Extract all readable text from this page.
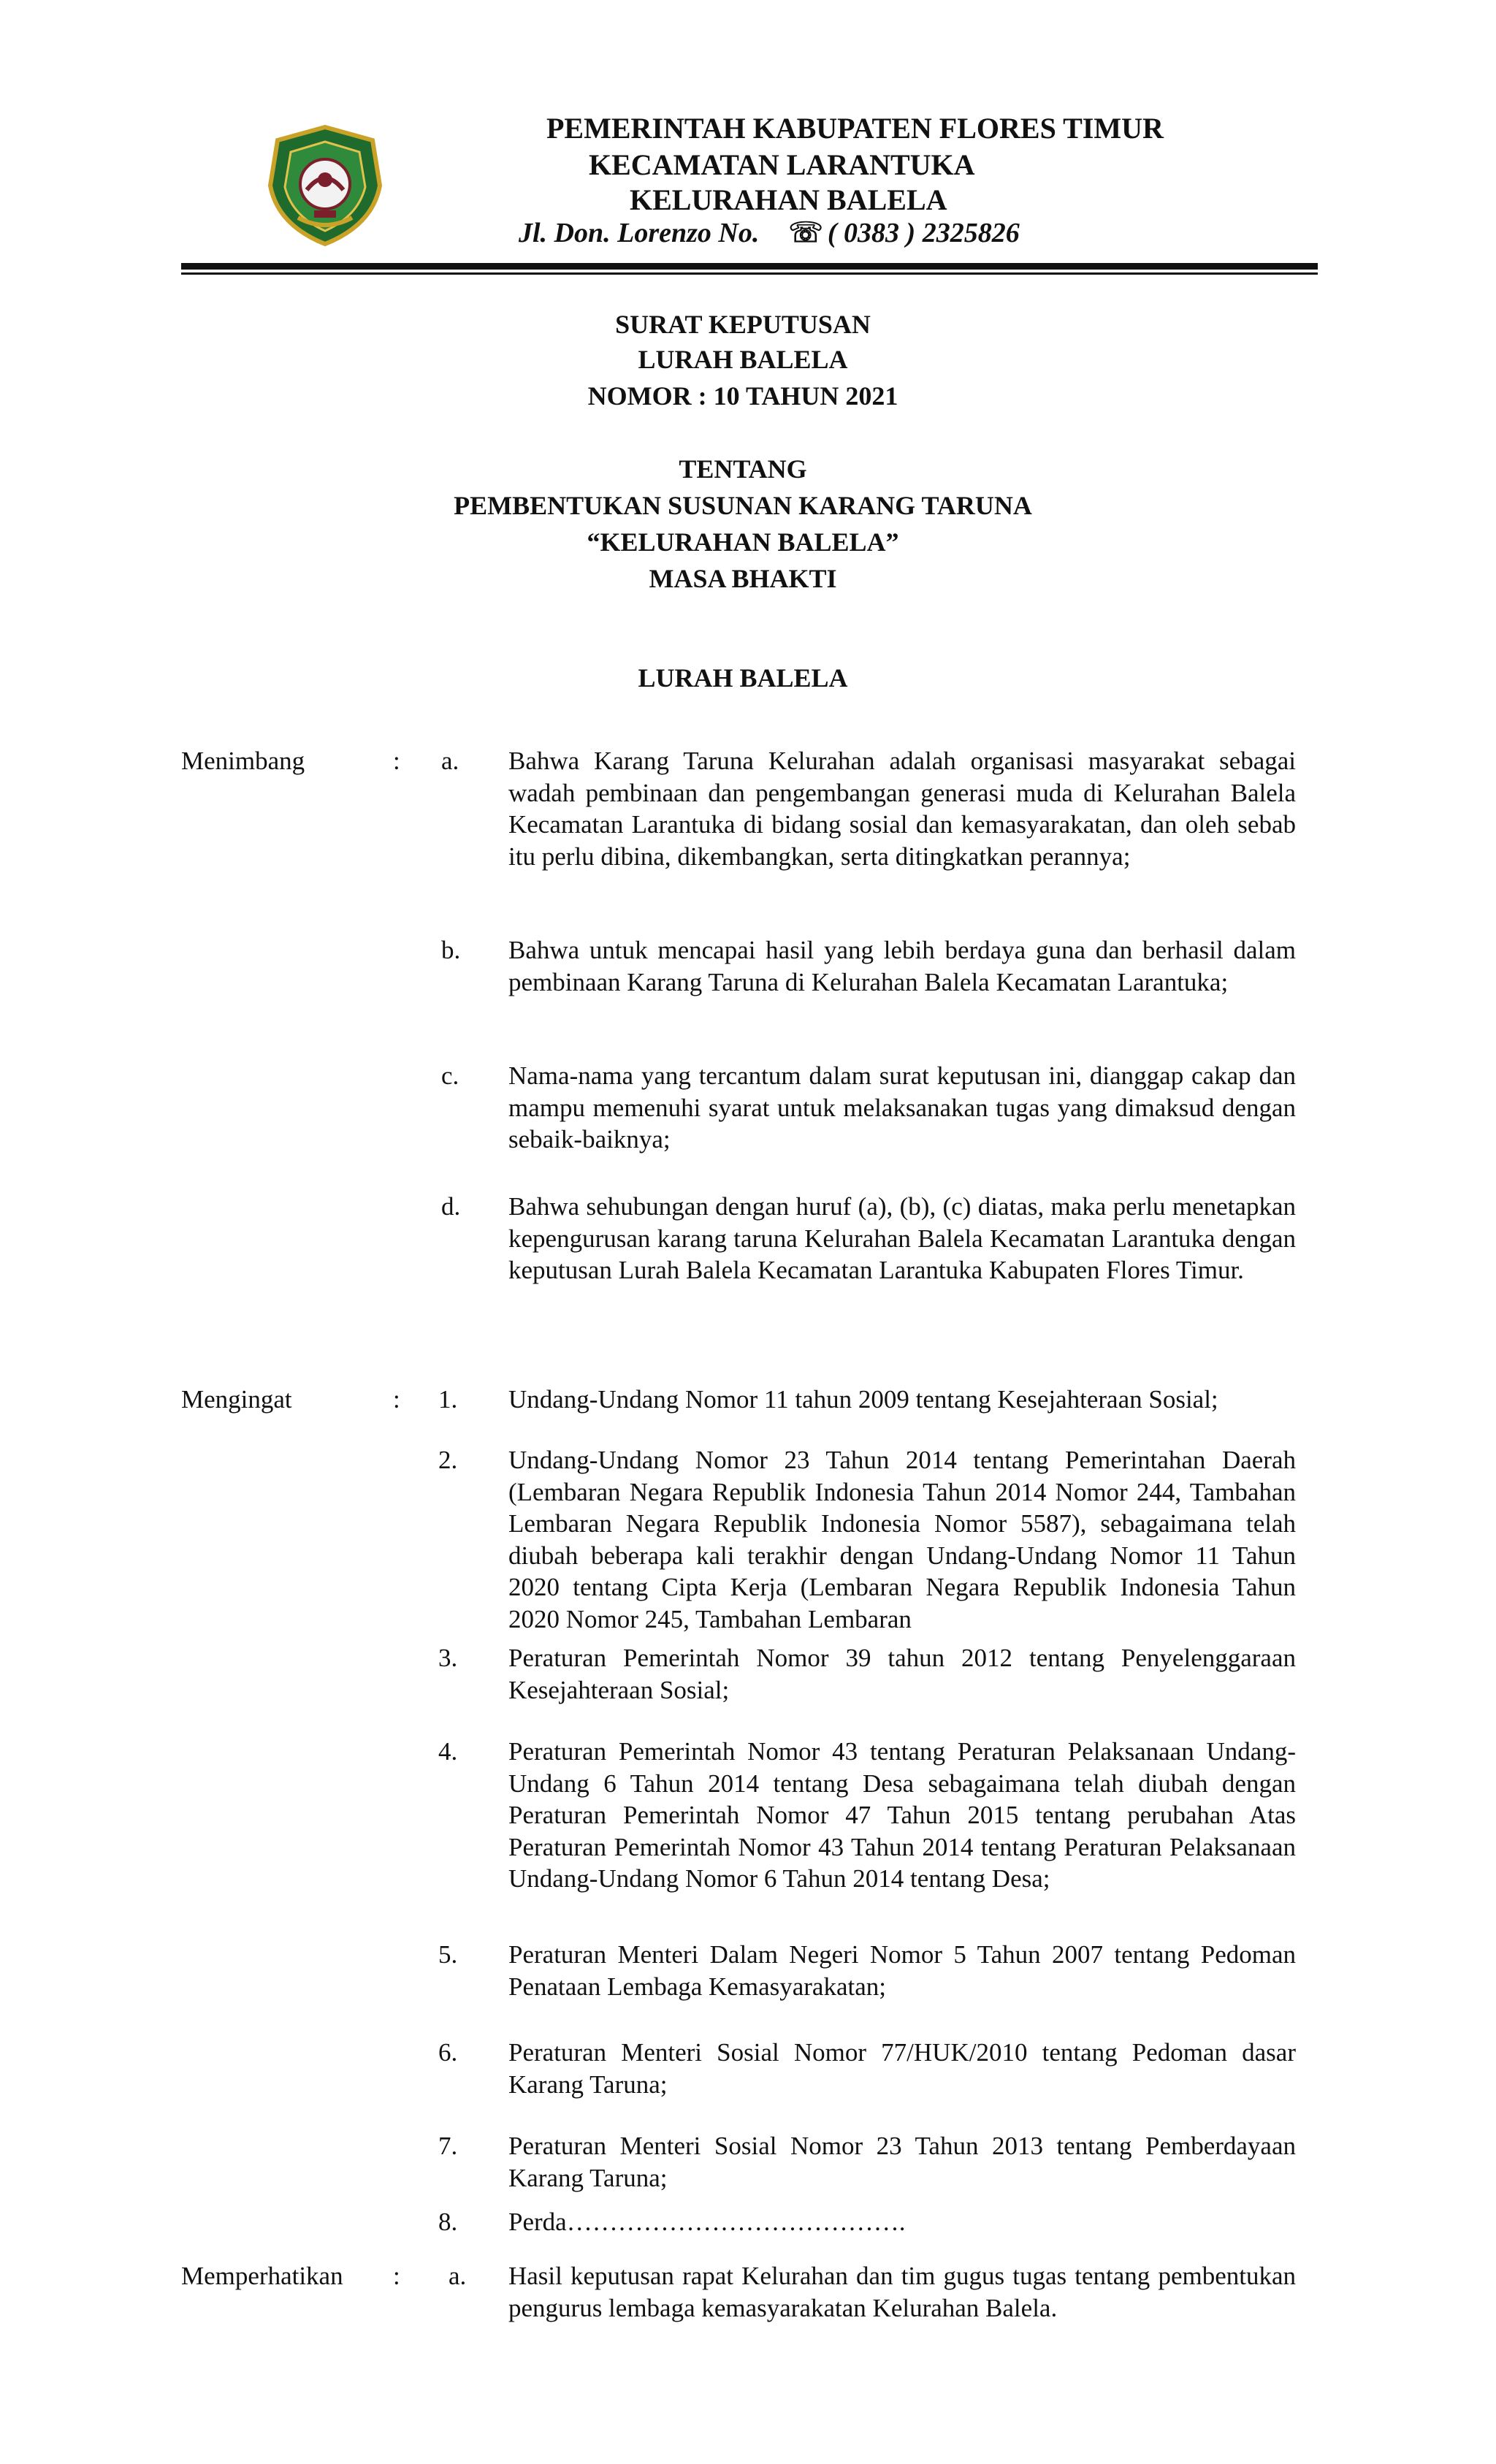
PEMERINTAH KABUPATEN FLORES TIMUR
KECAMATAN LARANTUKA
KELURAHAN BALELA
Jl. Don. Lorenzo No. ☏ ( 0383 ) 2325826
SURAT KEPUTUSAN
LURAH BALELA
NOMOR : 10 TAHUN 2021
TENTANG
PEMBENTUKAN SUSUNAN KARANG TARUNA
“KELURAHAN BALELA”
MASA BHAKTI
LURAH BALELA
Menimbang	: a. Bahwa Karang Taruna Kelurahan adalah organisasi masyarakat sebagai wadah pembinaan dan pengembangan generasi muda di Kelurahan Balela Kecamatan Larantuka di bidang sosial dan kemasyarakatan, dan oleh sebab itu perlu dibina, dikembangkan, serta ditingkatkan perannya;
b. Bahwa untuk mencapai hasil yang lebih berdaya guna dan berhasil dalam pembinaan Karang Taruna di Kelurahan Balela Kecamatan Larantuka;
c. Nama-nama yang tercantum dalam surat keputusan ini, dianggap cakap dan mampu memenuhi syarat untuk melaksanakan tugas yang dimaksud dengan sebaik-baiknya;
d. Bahwa sehubungan dengan huruf (a), (b), (c) diatas, maka perlu menetapkan kepengurusan karang taruna Kelurahan Balela Kecamatan Larantuka dengan keputusan Lurah Balela Kecamatan Larantuka Kabupaten Flores Timur.
Mengingat	: 1. Undang-Undang Nomor 11 tahun 2009 tentang Kesejahteraan Sosial;
2. Undang-Undang Nomor 23 Tahun 2014 tentang Pemerintahan Daerah (Lembaran Negara Republik Indonesia Tahun 2014 Nomor 244, Tambahan Lembaran Negara Republik Indonesia Nomor 5587), sebagaimana telah diubah beberapa kali terakhir dengan Undang-Undang Nomor 11 Tahun 2020 tentang Cipta Kerja (Lembaran Negara Republik Indonesia Tahun 2020 Nomor 245, Tambahan Lembaran
3. Peraturan Pemerintah Nomor 39 tahun 2012 tentang Penyelenggaraan Kesejahteraan Sosial;
4. Peraturan Pemerintah Nomor 43 tentang Peraturan Pelaksanaan Undang-Undang 6 Tahun 2014 tentang Desa sebagaimana telah diubah dengan Peraturan Pemerintah Nomor 47 Tahun 2015 tentang perubahan Atas Peraturan Pemerintah Nomor 43 Tahun 2014 tentang Peraturan Pelaksanaan Undang-Undang Nomor 6 Tahun 2014 tentang Desa;
5. Peraturan Menteri Dalam Negeri Nomor 5 Tahun 2007 tentang Pedoman Penataan Lembaga Kemasyarakatan;
6. Peraturan Menteri Sosial Nomor 77/HUK/2010 tentang Pedoman dasar Karang Taruna;
7. Peraturan Menteri Sosial Nomor 23 Tahun 2013 tentang Pemberdayaan Karang Taruna;
8. Perda………………………………….
Memperhatikan : a. Hasil keputusan rapat Kelurahan dan tim gugus tugas tentang pembentukan pengurus lembaga kemasyarakatan Kelurahan Balela.
